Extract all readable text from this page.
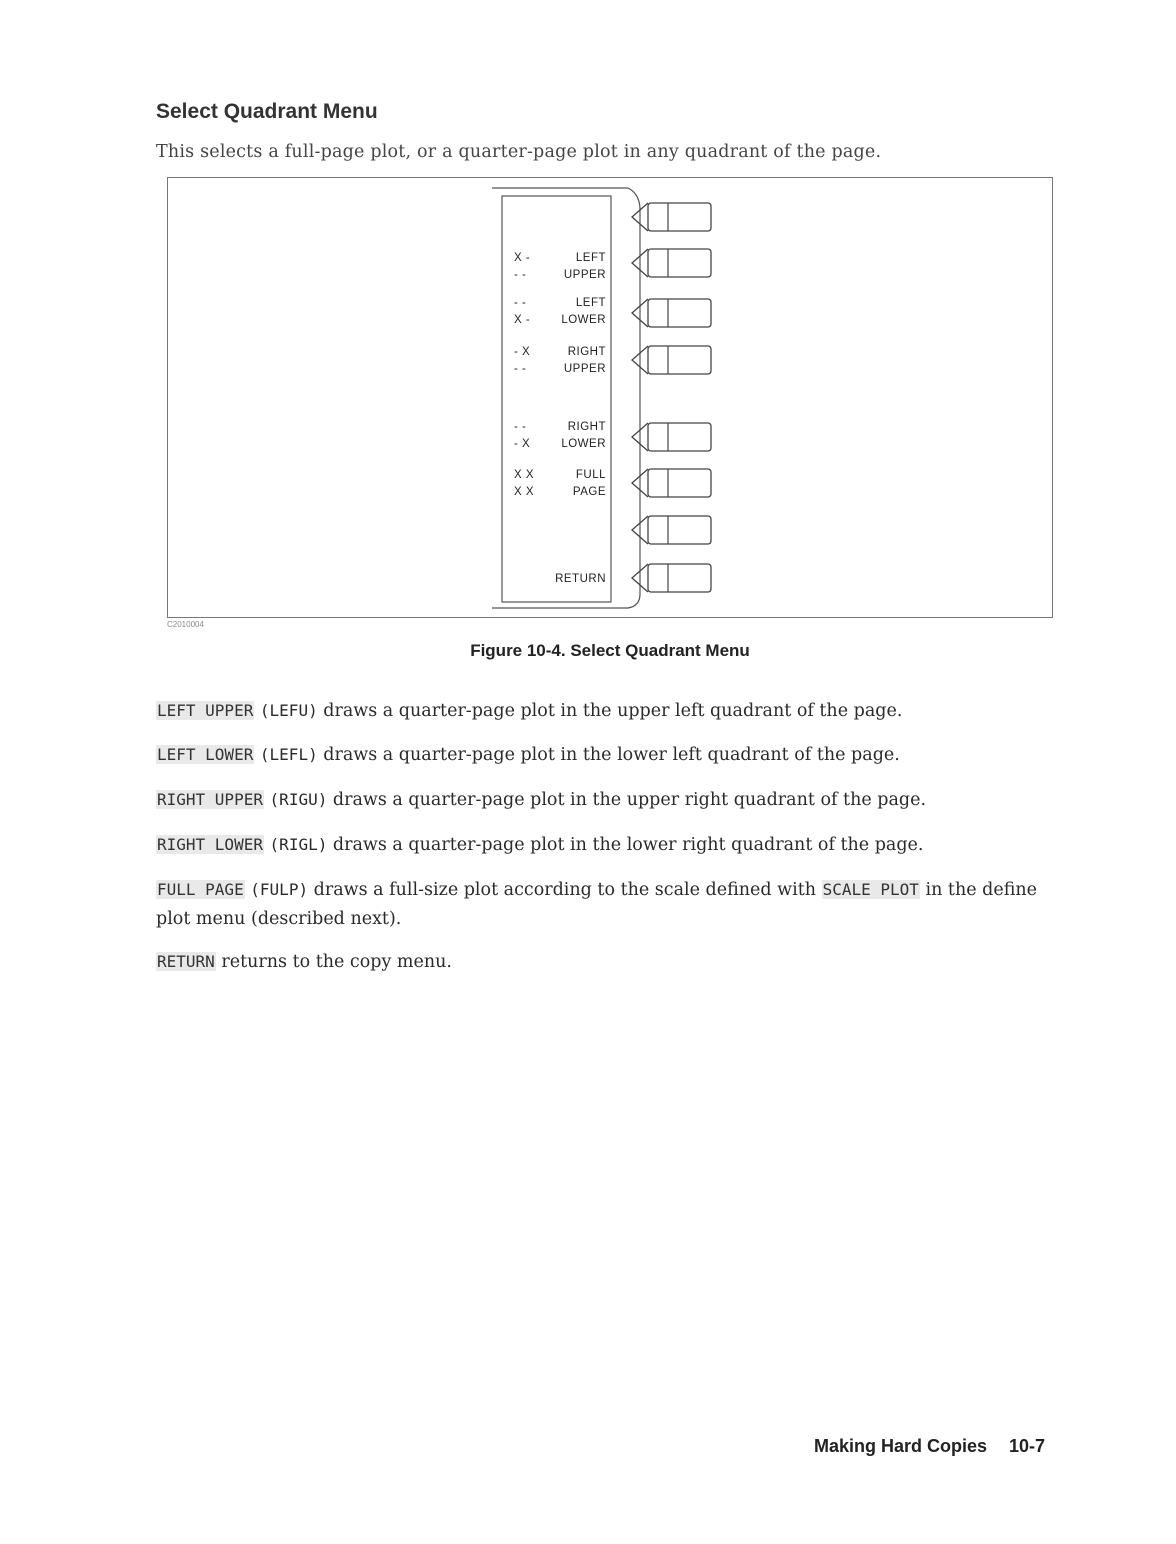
Select Quadrant Menu
This selects a full-page plot, or a quarter-page plot in any quadrant of the page.
C2010004
X -
- -
LEFT
UPPER
- -
X -
LEFT
LOWER
- X
- -
RIGHT
UPPER
- -
- X
RIGHT
LOWER
X X
X X
FULL
PAGE
RETURN
Figure 10-4. Select Quadrant Menu
LEFT UPPER (LEFU) draws a quarter-page plot in the upper left quadrant of the page.
LEFT LOWER (LEFL) draws a quarter-page plot in the lower left quadrant of the page.
RIGHT UPPER (RIGU) draws a quarter-page plot in the upper right quadrant of the page.
RIGHT LOWER (RIGL) draws a quarter-page plot in the lower right quadrant of the page.
FULL PAGE (FULP) draws a full-size plot according to the scale defined with SCALE PLOT in the define plot menu (described next).
RETURN returns to the copy menu.
Making Hard Copies 10-7
